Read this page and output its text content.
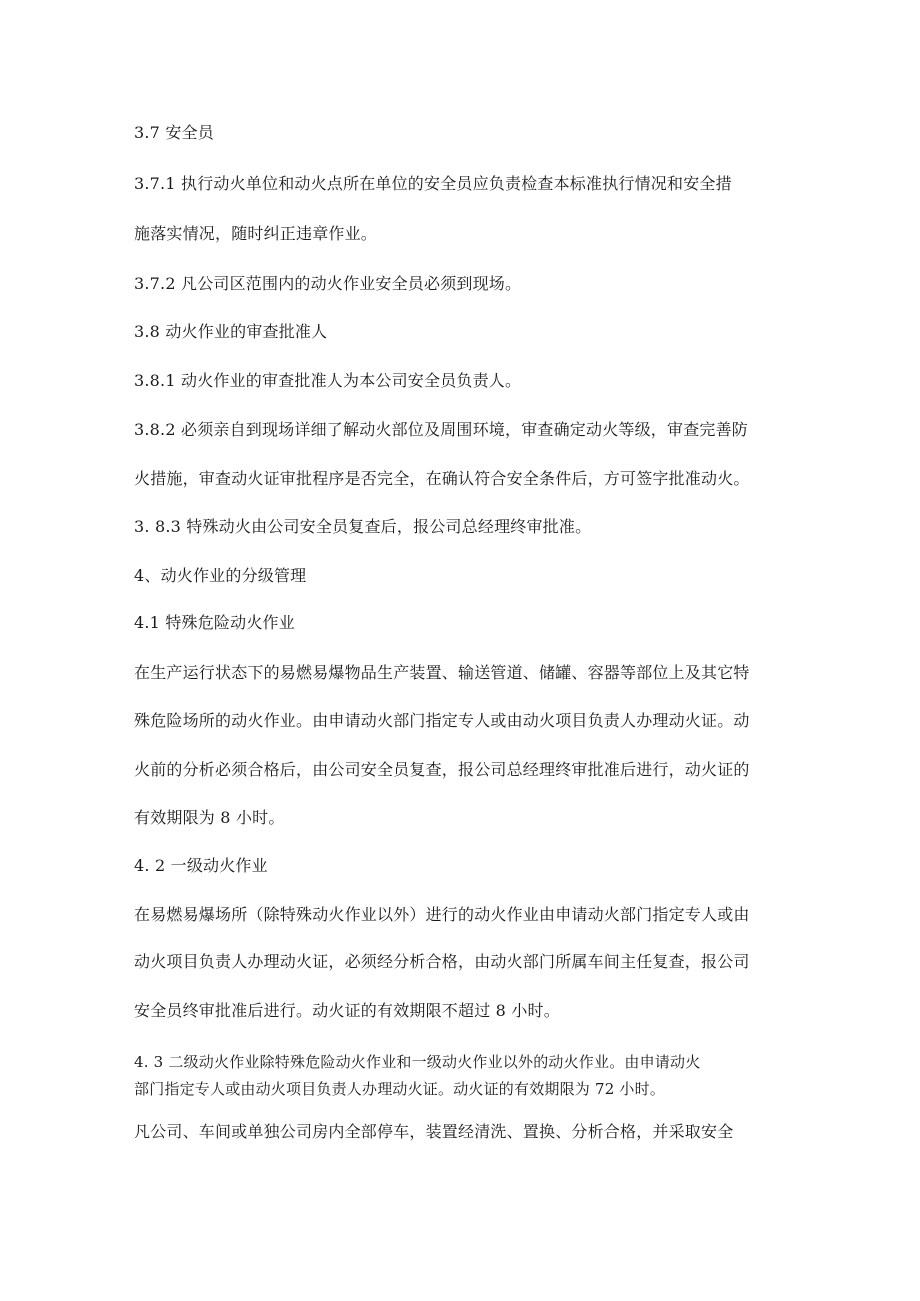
3.7 安全员
3.7.1 执行动火单位和动火点所在单位的安全员应负责检查本标准执行情况和安全措
施落实情况，随时纠正违章作业。
3.7.2 凡公司区范围内的动火作业安全员必须到现场。
3.8 动火作业的审查批准人
3.8.1 动火作业的审查批准人为本公司安全员负责人。
3.8.2 必须亲自到现场详细了解动火部位及周围环境，审查确定动火等级，审查完善防
火措施，审查动火证审批程序是否完全，在确认符合安全条件后，方可签字批准动火。
3. 8.3 特殊动火由公司安全员复查后，报公司总经理终审批准。
4、动火作业的分级管理
4.1 特殊危险动火作业
在生产运行状态下的易燃易爆物品生产装置、输送管道、储罐、容器等部位上及其它特
殊危险场所的动火作业。由申请动火部门指定专人或由动火项目负责人办理动火证。动
火前的分析必须合格后，由公司安全员复查，报公司总经理终审批准后进行，动火证的
有效期限为 8 小时。
4. 2 一级动火作业
在易燃易爆场所（除特殊动火作业以外）进行的动火作业由申请动火部门指定专人或由
动火项目负责人办理动火证，必须经分析合格，由动火部门所属车间主任复查，报公司
安全员终审批准后进行。动火证的有效期限不超过 8 小时。
4. 3 二级动火作业除特殊危险动火作业和一级动火作业以外的动火作业。由申请动火
部门指定专人或由动火项目负责人办理动火证。动火证的有效期限为 72 小时。
凡公司、车间或单独公司房内全部停车，装置经清洗、置换、分析合格，并采取安全
